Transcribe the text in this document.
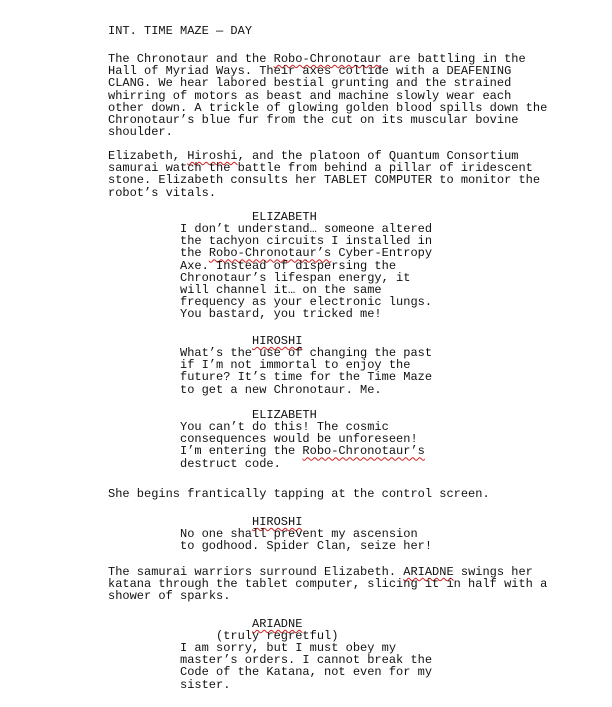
INT. TIME MAZE — DAY
The Chronotaur and the Robo-Chronotaur are battling in the
Hall of Myriad Ways. Their axes collide with a DEAFENING
CLANG. We hear labored bestial grunting and the strained
whirring of motors as beast and machine slowly wear each
other down. A trickle of glowing golden blood spills down the
Chronotaur’s blue fur from the cut on its muscular bovine
shoulder.
Elizabeth, Hiroshi, and the platoon of Quantum Consortium
samurai watch the battle from behind a pillar of iridescent
stone. Elizabeth consults her TABLET COMPUTER to monitor the
robot’s vitals.
ELIZABETH
I don’t understand… someone altered
the tachyon circuits I installed in
the Robo-Chronotaur’s Cyber-Entropy
Axe. Instead of dispersing the
Chronotaur’s lifespan energy, it
will channel it… on the same
frequency as your electronic lungs.
You bastard, you tricked me!
HIROSHI
What’s the use of changing the past
if I’m not immortal to enjoy the
future? It’s time for the Time Maze
to get a new Chronotaur. Me.
ELIZABETH
You can’t do this! The cosmic
consequences would be unforeseen!
I’m entering the Robo-Chronotaur’s
destruct code.
She begins frantically tapping at the control screen.
HIROSHI
No one shall prevent my ascension
to godhood. Spider Clan, seize her!
The samurai warriors surround Elizabeth. ARIADNE swings her
katana through the tablet computer, slicing it in half with a
shower of sparks.
ARIADNE
(truly regretful)
I am sorry, but I must obey my
master’s orders. I cannot break the
Code of the Katana, not even for my
sister.
